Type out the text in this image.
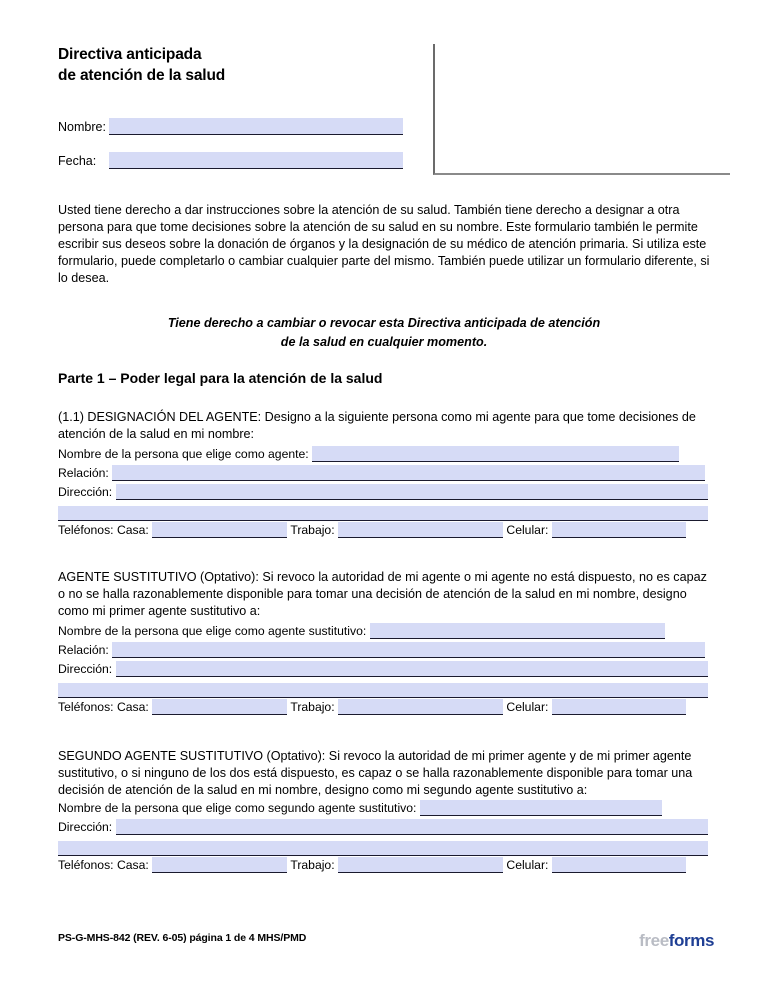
Directiva anticipada
de atención de la salud
Nombre:
Fecha:
Usted tiene derecho a dar instrucciones sobre la atención de su salud. También tiene derecho a designar a otra persona para que tome decisiones sobre la atención de su salud en su nombre. Este formulario también le permite escribir sus deseos sobre la donación de órganos y la designación de su médico de atención primaria. Si utiliza este formulario, puede completarlo o cambiar cualquier parte del mismo. También puede utilizar un formulario diferente, si lo desea.
Tiene derecho a cambiar o revocar esta Directiva anticipada de atención
de la salud en cualquier momento.
Parte 1 – Poder legal para la atención de la salud
(1.1) DESIGNACIÓN DEL AGENTE: Designo a la siguiente persona como mi agente para que tome decisiones de atención de la salud en mi nombre:
Nombre de la persona que elige como agente:
Relación:
Dirección:
Teléfonos: Casa:	Trabajo:	Celular:
AGENTE SUSTITUTIVO (Optativo): Si revoco la autoridad de mi agente o mi agente no está dispuesto, no es capaz o no se halla razonablemente disponible para tomar una decisión de atención de la salud en mi nombre, designo como mi primer agente sustitutivo a:
Nombre de la persona que elige como agente sustitutivo:
Relación:
Dirección:
Teléfonos: Casa:	Trabajo:	Celular:
SEGUNDO AGENTE SUSTITUTIVO (Optativo): Si revoco la autoridad de mi primer agente y de mi primer agente sustitutivo, o si ninguno de los dos está dispuesto, es capaz o se halla razonablemente disponible para tomar una decisión de atención de la salud en mi nombre, designo como mi segundo agente sustitutivo a:
Nombre de la persona que elige como segundo agente sustitutivo:
Dirección:
Teléfonos: Casa:	Trabajo:	Celular:
PS-G-MHS-842 (REV. 6-05) página 1 de 4 MHS/PMD	freeforms
